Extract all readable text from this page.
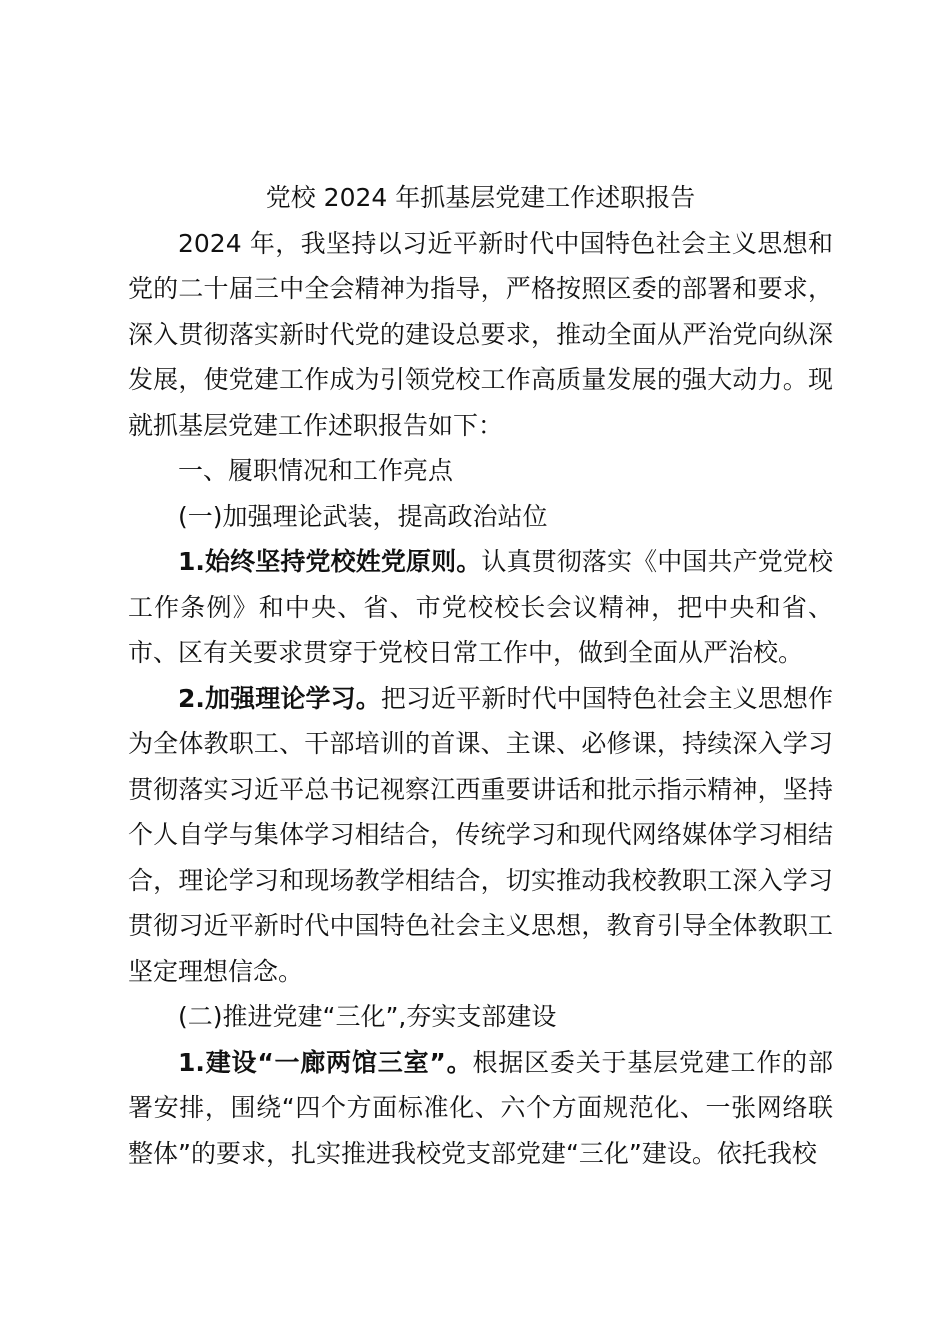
党校 2024 年抓基层党建工作述职报告

2024 年，我坚持以习近平新时代中国特色社会主义思想和党的二十届三中全会精神为指导，严格按照区委的部署和要求，深入贯彻落实新时代党的建设总要求，推动全面从严治党向纵深发展，使党建工作成为引领党校工作高质量发展的强大动力。现就抓基层党建工作述职报告如下：

一、履职情况和工作亮点

(一)加强理论武装，提高政治站位

1.始终坚持党校姓党原则。认真贯彻落实《中国共产党党校工作条例》和中央、省、市党校校长会议精神，把中央和省、市、区有关要求贯穿于党校日常工作中，做到全面从严治校。

2.加强理论学习。把习近平新时代中国特色社会主义思想作为全体教职工、干部培训的首课、主课、必修课，持续深入学习贯彻落实习近平总书记视察江西重要讲话和批示指示精神，坚持个人自学与集体学习相结合，传统学习和现代网络媒体学习相结合，理论学习和现场教学相结合，切实推动我校教职工深入学习贯彻习近平新时代中国特色社会主义思想，教育引导全体教职工坚定理想信念。

(二)推进党建“三化”,夯实支部建设

1.建设“一廊两馆三室”。根据区委关于基层党建工作的部署安排，围绕“四个方面标准化、六个方面规范化、一张网络联整体”的要求，扎实推进我校党支部党建“三化”建设。依托我校
